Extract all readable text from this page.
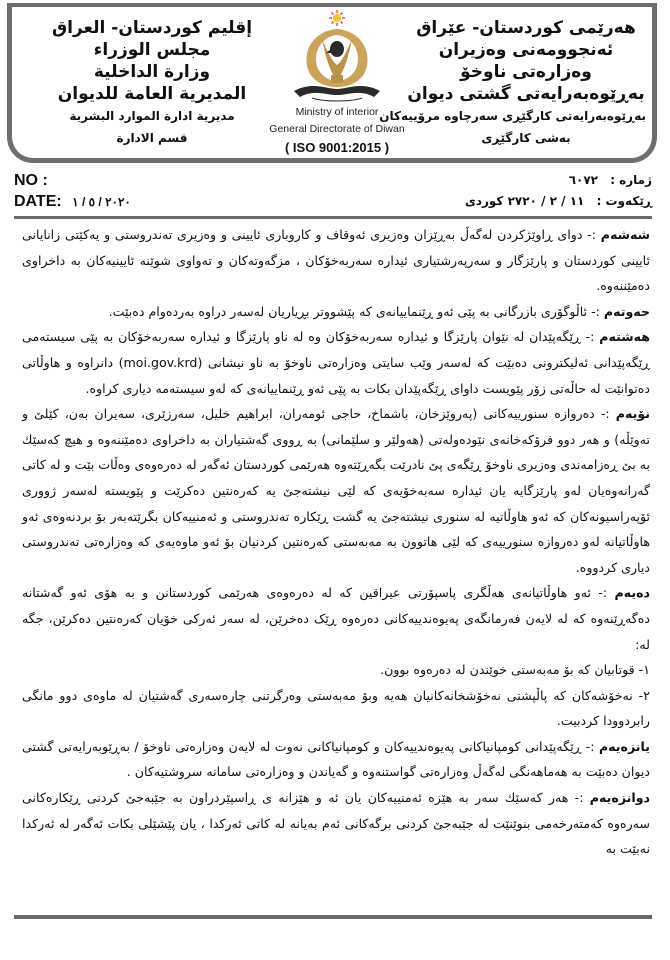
هەرێمی کوردستان- عێراق
ئەنجوومەنی وەزیران
وەزارەتی ناوخۆ
بەڕێوەبەرایەتی گشتی دیوان
بەڕێوەبەرایەتی کارگێڕی سەرچاوە مرۆییەکان
بەشی کارگێڕی
Ministry of interior
General Directorate of Diwan
( ISO 9001:2015 )
إقليم كوردستان- العراق
مجلس الوزراء
وزارة الداخلية
المديرية العامة للديوان
مديرية ادارة الموارد البشرية
قسم الادارة
NO :
DATE: ٢٠٢٠ / ٥ / ١
ژمارە : ٦٠٧٢
ڕێکەوت : ١١ / ٢ / ٢٧٢٠ کوردی

شەشەم :- دوای ڕاوێژکردن لەگەڵ بەڕێزان وەزیری ئەوقاف و کاروباری ئایینی و وەزیری تەندروستی و یەکێتی زانایانی ئایینی کوردستان و پارێزگار و سەرپەرشتیاری ئیدارە سەربەخۆکان ، مزگەوتەکان و تەواوی شوێنە ئایینیەکان بە داخراوی دەمێننەوە.

حەوتەم :- ئاڵوگۆری بازرگانی بە پێی ئەو ڕێنماییانەی کە پێشووتر بڕیاریان لەسەر دراوە بەردەوام دەبێت.

هەشتەم :- ڕێگەپێدان لە نێوان پارێزگا و ئیدارە سەربەخۆکان وە لە ناو پارێزگا و ئیدارە سەربەخۆکان بە پێی سیستەمی ڕێگەپێدانی ئەلیکترونی دەبێت کە لەسەر وێب سایتی وەزارەتی ناوخۆ بە ناو نیشانی (moi.gov.krd) دانراوە و هاوڵاتی دەتوانێت لە حاڵەتی زۆر پێویست داوای ڕێگەپێدان بکات بە پێی ئەو ڕێنماییانەی کە لەو سیستەمە دیاری کراوە.

نۆیەم :- دەروازە سنورییەکانی (پەروێزخان، باشماخ، حاجی ئومەران، ابراهیم خلیل، سەرزێری، سەیران بەن، کێلێ و تەوێڵە) و هەر دوو فرۆکەخانەی نێودەولەتی (هەولێر و سلێمانی) بە ڕووی گەشتیاران بە داخراوی دەمێننەوە و هیچ کەسێك بە بێ ڕەزامەندی وەزیری ناوخۆ ڕێگەی پێ نادرێت بگەڕێتەوە هەرێمی کوردستان ئەگەر لە دەرەوەی وەڵات بێت و لە کاتی گەرانەوەیان لەو پارێزگایە یان ئیدارە سەبەخۆیەی کە لێی نیشتەجێ یە کەرەنتین دەکرێت و پێویستە لەسەر ژووری ئۆپەراسیونەکان کە ئەو هاوڵاتیە لە سنوری نیشتەجێ یە گشت ڕێکارە تەندروستی و ئەمنییەکان بگرێتەبەر بۆ بردنەوەی ئەو هاوڵاتیانە لەو دەروازە سنورییەی کە لێی هاتوون بە مەبەستی کەرەنتین کردنیان بۆ ئەو ماوەیەی کە وەزارەتی تەندروستی دیاری کردووە.

دەیەم :- ئەو هاوڵاتیانەی هەڵگری پاسپۆرتی عیراقین کە لە دەرەوەی هەرێمی کوردستانن و بە هۆی ئەو گەشتانە دەگەڕێنەوە کە لە لایەن فەرمانگەی پەیوەندییەکانی دەرەوە ڕێک دەخرێن، لە سەر ئەرکی خۆیان کەرەنتین دەکرێن، جگە لە:

١- قوتابیان کە بۆ مەبەستی خوێندن لە دەرەوە بوون.

٢- نەخۆشەکان کە پاڵپشتی نەخۆشخانەکانیان هەیە وبۆ مەبەستی وەرگرتنی چارەسەری گەشتیان لە ماوەی دوو مانگی رابردوودا کردبیت.

یانزەیەم :- ڕێگەپێدانی کومپانیاکانی پەیوەندییەکان و کومپانیاکانی نەوت لە لایەن وەزارەتی ناوخۆ / بەڕێوبەرایەتی گشتی دیوان دەبێت بە هەماهەنگی لەگەڵ وەزارەتی گواستنەوە و گەیاندن و وەزارەتی سامانە سروشتیەکان .

دوانزەیەم :- هەر کەسێك سەر بە هێزە ئەمنییەکان یان ئە و هێزانە ی ڕاسپێردراون بە جێبەجێ کردنی ڕێکارەکانی سەرەوە کەمتەرخەمی بنوێنێت لە جێبەجێ کردنی برگەکانی ئەم بەیانە لە کاتی ئەرکدا ، یان پێشێلی بکات ئەگەر لە ئەرکدا نەبێت بە
